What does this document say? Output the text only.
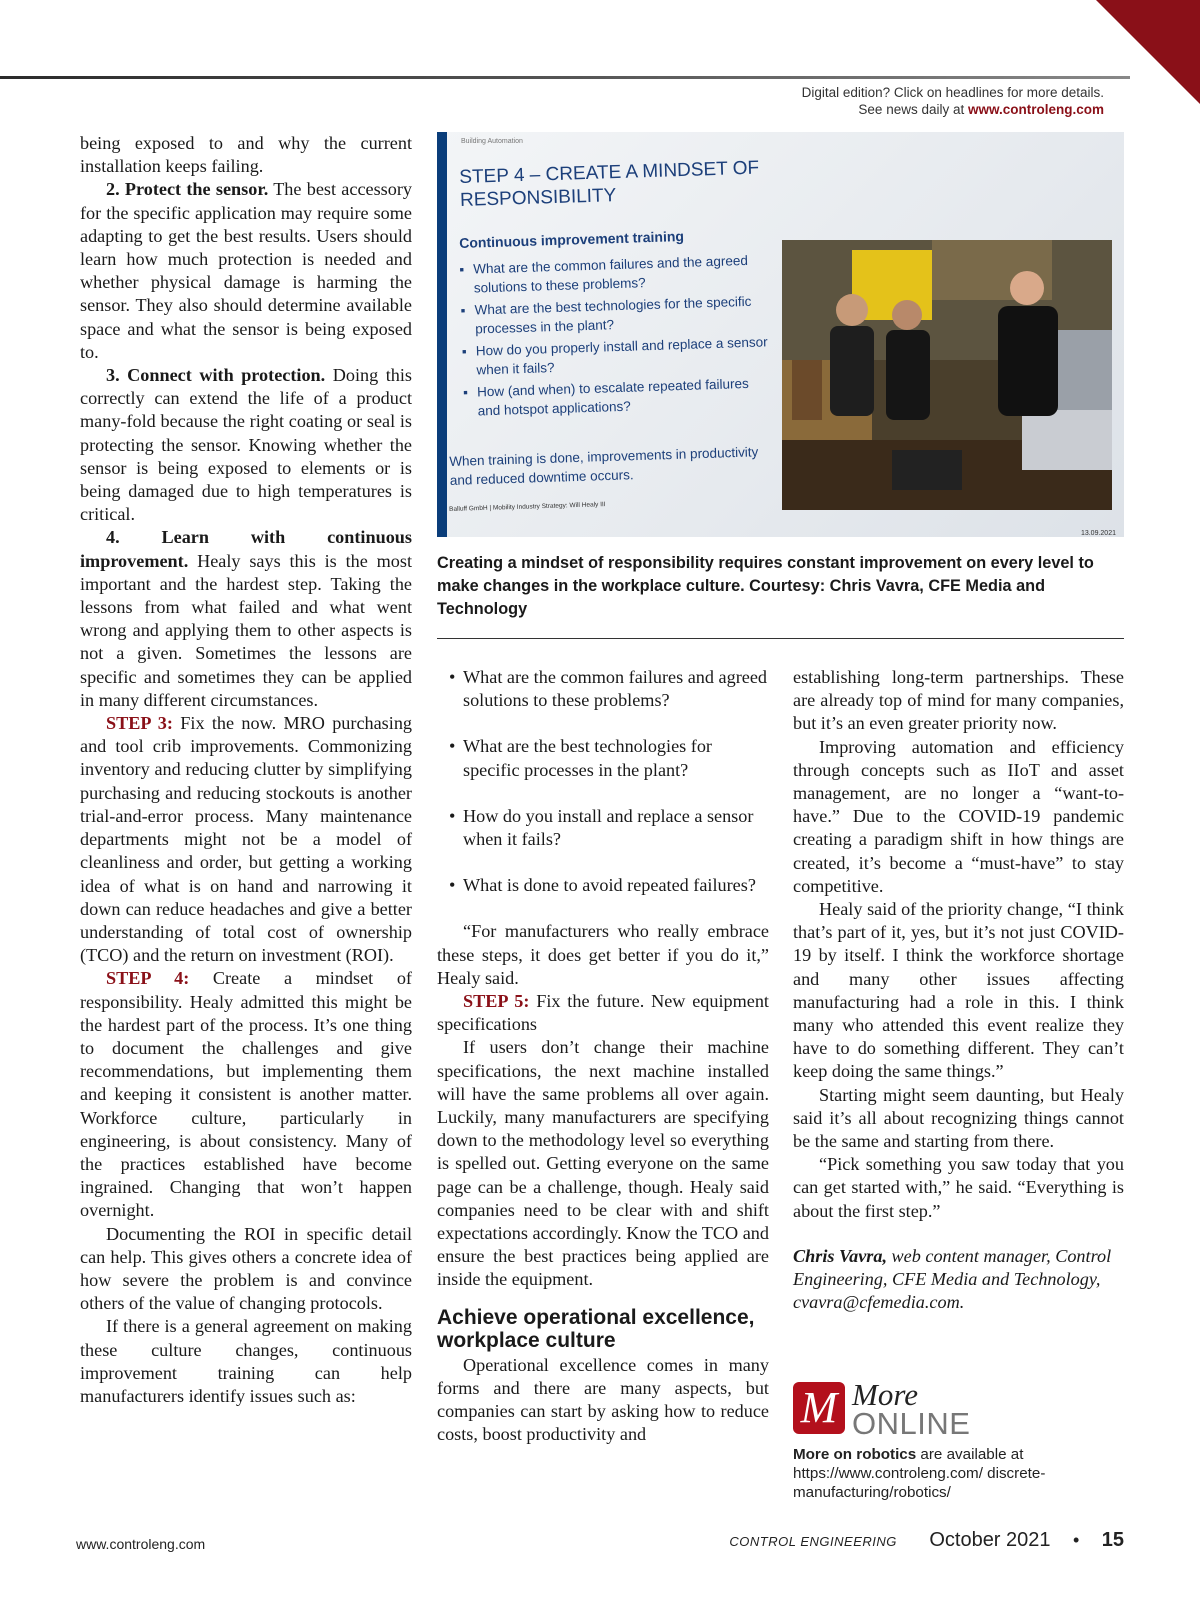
Digital edition? Click on headlines for more details.
See news daily at www.controleng.com

being exposed to and why the current installation keeps failing.

2. Protect the sensor. The best accessory for the specific application may require some adapting to get the best results. Users should learn how much protection is needed and whether physical damage is harming the sensor. They also should determine available space and what the sensor is being exposed to.

3. Connect with protection. Doing this correctly can extend the life of a product many-fold because the right coating or seal is protecting the sensor. Knowing whether the sensor is being exposed to elements or is being damaged due to high temperatures is critical.

4. Learn with continuous improvement. Healy says this is the most important and the hardest step. Taking the lessons from what failed and what went wrong and applying them to other aspects is not a given. Sometimes the lessons are specific and sometimes they can be applied in many different circumstances.

STEP 3: Fix the now. MRO purchasing and tool crib improvements. Commonizing inventory and reducing clutter by simplifying purchasing and reducing stockouts is another trial-and-error process. Many maintenance departments might not be a model of cleanliness and order, but getting a working idea of what is on hand and narrowing it down can reduce headaches and give a better understanding of total cost of ownership (TCO) and the return on investment (ROI).

STEP 4: Create a mindset of responsibility. Healy admitted this might be the hardest part of the process. It’s one thing to document the challenges and give recommendations, but implementing them and keeping it consistent is another matter. Workforce culture, particularly in engineering, is about consistency. Many of the practices established have become ingrained. Changing that won’t happen overnight.

Documenting the ROI in specific detail can help. This gives others a concrete idea of how severe the problem is and convince others of the value of changing protocols.

If there is a general agreement on making these culture changes, continuous improvement training can help manufacturers identify issues such as:

Building Automation
STEP 4 – CREATE A MINDSET OF RESPONSIBILITY
Continuous improvement training
▪ What are the common failures and the agreed solutions to these problems?
▪ What are the best technologies for the specific processes in the plant?
▪ How do you properly install and replace a sensor when it fails?
▪ How (and when) to escalate repeated failures and hotspot applications?
When training is done, improvements in productivity and reduced downtime occurs.
Balluff GmbH | Mobility Industry Strategy: Will Healy III
13.09.2021
Creating a mindset of responsibility requires constant improvement on every level to make changes in the workplace culture. Courtesy: Chris Vavra, CFE Media and Technology
• What are the common failures and agreed solutions to these problems?
• What are the best technologies for specific processes in the plant?
• How do you install and replace a sensor when it fails?
• What is done to avoid repeated failures?

“For manufacturers who really embrace these steps, it does get better if you do it,” Healy said.

STEP 5: Fix the future. New equipment specifications

If users don’t change their machine specifications, the next machine installed will have the same problems all over again. Luckily, many manufacturers are specifying down to the methodology level so everything is spelled out. Getting everyone on the same page can be a challenge, though. Healy said companies need to be clear with and shift expectations accordingly. Know the TCO and ensure the best practices being applied are inside the equipment.

Achieve operational excellence, workplace culture

Operational excellence comes in many forms and there are many aspects, but companies can start by asking how to reduce costs, boost productivity and

establishing long-term partnerships. These are already top of mind for many companies, but it’s an even greater priority now.

Improving automation and efficiency through concepts such as IIoT and asset management, are no longer a “want-to-have.” Due to the COVID-19 pandemic creating a paradigm shift in how things are created, it’s become a “must-have” to stay competitive.

Healy said of the priority change, “I think that’s part of it, yes, but it’s not just COVID-19 by itself. I think the workforce shortage and many other issues affecting manufacturing had a role in this. I think many who attended this event realize they have to do something different. They can’t keep doing the same things.”

Starting might seem daunting, but Healy said it’s all about recognizing things cannot be the same and starting from there.

“Pick something you saw today that you can get started with,” he said. “Everything is about the first step.”

Chris Vavra, web content manager, Control Engineering, CFE Media and Technology, cvavra@cfemedia.com.

M More
ONLINE
More on robotics are available at https://www.controleng.com/ discrete-manufacturing/robotics/
www.controleng.com	CONTROL ENGINEERING October 2021 • 15
